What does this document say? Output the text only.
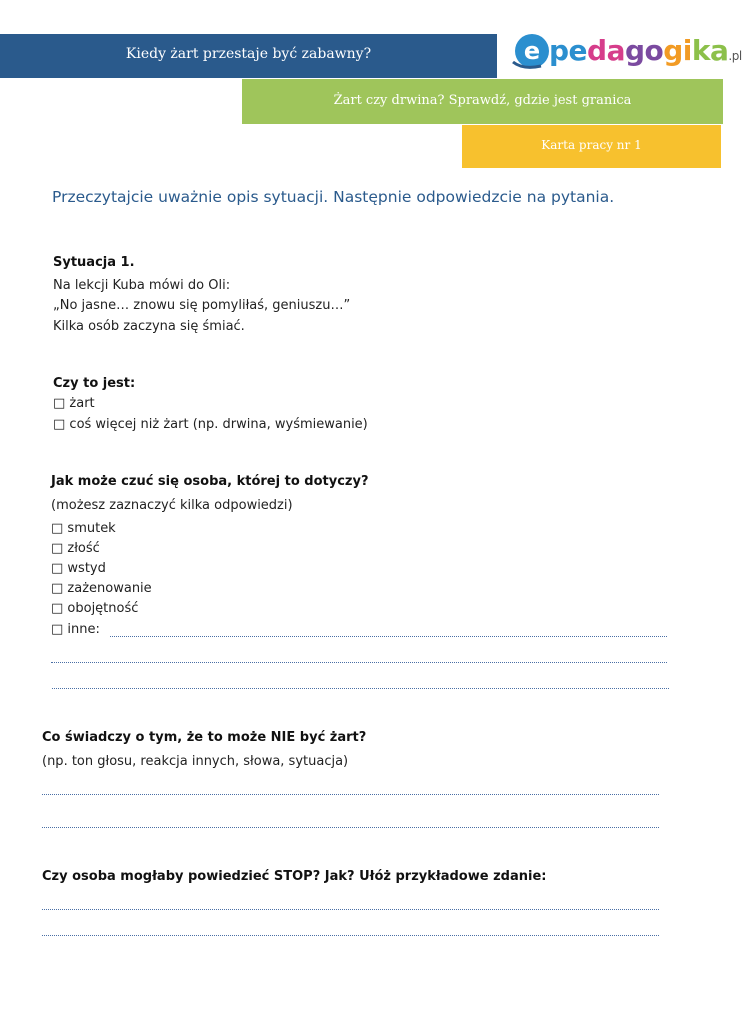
Kiedy żart przestaje być zabawny?
Żart czy drwina? Sprawdź, gdzie jest granica
Karta pracy nr 1
e pedagogika.pl
Przeczytajcie uważnie opis sytuacji. Następnie odpowiedzcie na pytania.
Sytuacja 1.
Na lekcji Kuba mówi do Oli:
„No jasne… znowu się pomyliłaś, geniuszu…”
Kilka osób zaczyna się śmiać.
Czy to jest:
□ żart
□ coś więcej niż żart (np. drwina, wyśmiewanie)
Jak może czuć się osoba, której to dotyczy?
(możesz zaznaczyć kilka odpowiedzi)
□ smutek
□ złość
□ wstyd
□ zażenowanie
□ obojętność
□ inne:
Co świadczy o tym, że to może NIE być żart?
(np. ton głosu, reakcja innych, słowa, sytuacja)
Czy osoba mogłaby powiedzieć STOP? Jak? Ułóż przykładowe zdanie:
